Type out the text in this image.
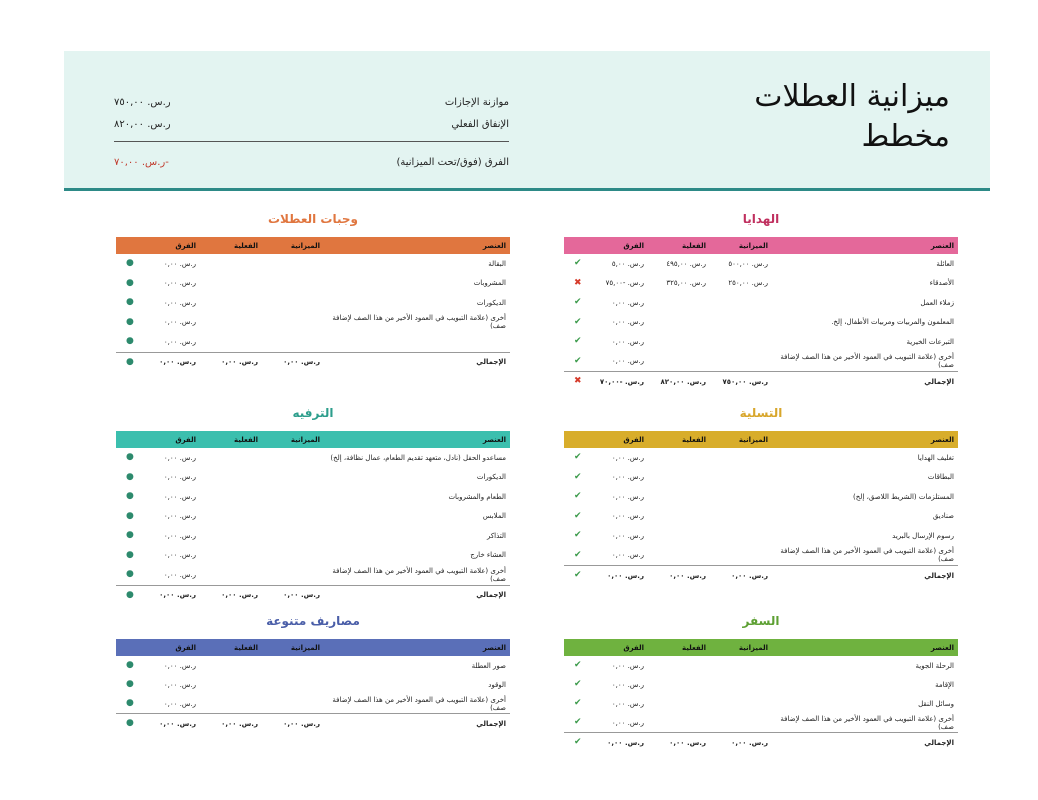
ميزانية العطلات
مخطط
موازنة الإجازات
ر.س. ٧٥٠,٠٠
الإنفاق الفعلي
ر.س. ٨٢٠,٠٠
الفرق (فوق/تحت الميزانية)
ر.س. ٧٠,٠٠-
الهدايا
العنصر
الميزانية
الفعلية
الفرق
العائلة
ر.س. ٥٠٠,٠٠
ر.س. ٤٩٥,٠٠
ر.س. ٥,٠٠
✔
الأصدقاء
ر.س. ٢٥٠,٠٠
ر.س. ٣٢٥,٠٠
ر.س. -٧٥,٠٠
✖
زملاء العمل
ر.س. ٠,٠٠
✔
المعلمون والمربيات ومربيات الأطفال، إلخ.
ر.س. ٠,٠٠
✔
التبرعات الخيرية
ر.س. ٠,٠٠
✔
أخرى (علامة التبويب في العمود الأخير من هذا الصف لإضافة صف)
ر.س. ٠,٠٠
✔
الإجمالي
ر.س. ٧٥٠,٠٠
ر.س. ٨٢٠,٠٠
ر.س. -٧٠,٠٠
✖
وجبات العطلات
العنصر
الميزانية
الفعلية
الفرق
البقالة
ر.س. ٠,٠٠
●
المشروبات
ر.س. ٠,٠٠
●
الديكورات
ر.س. ٠,٠٠
●
أخرى (علامة التبويب في العمود الأخير من هذا الصف لإضافة صف)
ر.س. ٠,٠٠
●
ر.س. ٠,٠٠
●
الإجمالي
ر.س. ٠,٠٠
ر.س. ٠,٠٠
ر.س. ٠,٠٠
●
التسلية
العنصر
الميزانية
الفعلية
الفرق
تغليف الهدايا
ر.س. ٠,٠٠
✔
البطاقات
ر.س. ٠,٠٠
✔
المستلزمات (الشريط اللاصق، إلخ)
ر.س. ٠,٠٠
✔
صناديق
ر.س. ٠,٠٠
✔
رسوم الإرسال بالبريد
ر.س. ٠,٠٠
✔
أخرى (علامة التبويب في العمود الأخير من هذا الصف لإضافة صف)
ر.س. ٠,٠٠
✔
الإجمالي
ر.س. ٠,٠٠
ر.س. ٠,٠٠
ر.س. ٠,٠٠
✔
الترفيه
العنصر
الميزانية
الفعلية
الفرق
مساعدو الحفل (نادل، متعهد تقديم الطعام، عمال نظافة، إلخ)
ر.س. ٠,٠٠
●
الديكورات
ر.س. ٠,٠٠
●
الطعام والمشروبات
ر.س. ٠,٠٠
●
الملابس
ر.س. ٠,٠٠
●
التذاكر
ر.س. ٠,٠٠
●
العشاء خارج
ر.س. ٠,٠٠
●
أخرى (علامة التبويب في العمود الأخير من هذا الصف لإضافة صف)
ر.س. ٠,٠٠
●
الإجمالي
ر.س. ٠,٠٠
ر.س. ٠,٠٠
ر.س. ٠,٠٠
●
السفر
العنصر
الميزانية
الفعلية
الفرق
الرحلة الجوية
ر.س. ٠,٠٠
✔
الإقامة
ر.س. ٠,٠٠
✔
وسائل النقل
ر.س. ٠,٠٠
✔
أخرى (علامة التبويب في العمود الأخير من هذا الصف لإضافة صف)
ر.س. ٠,٠٠
✔
الإجمالي
ر.س. ٠,٠٠
ر.س. ٠,٠٠
ر.س. ٠,٠٠
✔
مصاريف متنوعة
العنصر
الميزانية
الفعلية
الفرق
صور العطلة
ر.س. ٠,٠٠
●
الوقود
ر.س. ٠,٠٠
●
أخرى (علامة التبويب في العمود الأخير من هذا الصف لإضافة صف)
ر.س. ٠,٠٠
●
الإجمالي
ر.س. ٠,٠٠
ر.س. ٠,٠٠
ر.س. ٠,٠٠
●
